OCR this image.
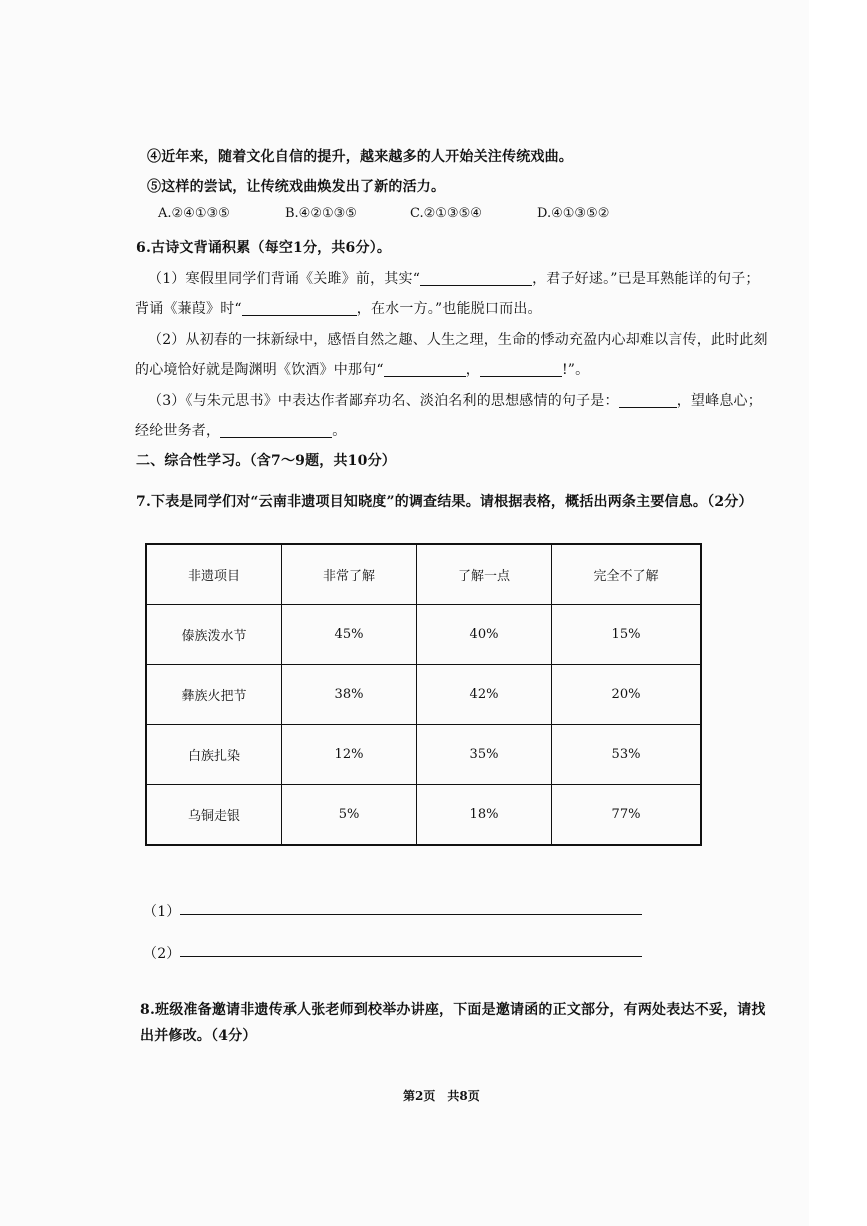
④近年来，随着文化自信的提升，越来越多的人开始关注传统戏曲。
⑤这样的尝试，让传统戏曲焕发出了新的活力。
A.②④①③⑤	B.④②①③⑤	C.②①③⑤④	D.④①③⑤②
6.古诗文背诵积累（每空1分，共6分）。
（1）寒假里同学们背诵《关雎》前，其实“	，君子好逑。”已是耳熟能详的句子；
背诵《蒹葭》时“	，在水一方。”也能脱口而出。
（2）从初春的一抹新绿中，感悟自然之趣、人生之理，生命的悸动充盈内心却难以言传，此时此刻
的心境恰好就是陶渊明《饮酒》中那句“	，	!”。
（3）《与朱元思书》中表达作者鄙弃功名、淡泊名利的思想感情的句子是：	，望峰息心；
经纶世务者，	。
二、综合性学习。（含7～9题，共10分）
7.下表是同学们对“云南非遗项目知晓度”的调查结果。请根据表格，概括出两条主要信息。（2分）
非遗项目	非常了解	了解一点	完全不了解
傣族泼水节	45%	40%	15%
彝族火把节	38%	42%	20%
白族扎染	12%	35%	53%
乌铜走银	5%	18%	77%
（1）
（2）
8.班级准备邀请非遗传承人张老师到校举办讲座，下面是邀请函的正文部分，有两处表达不妥，请找
出并修改。（4分）
第2页　共8页
